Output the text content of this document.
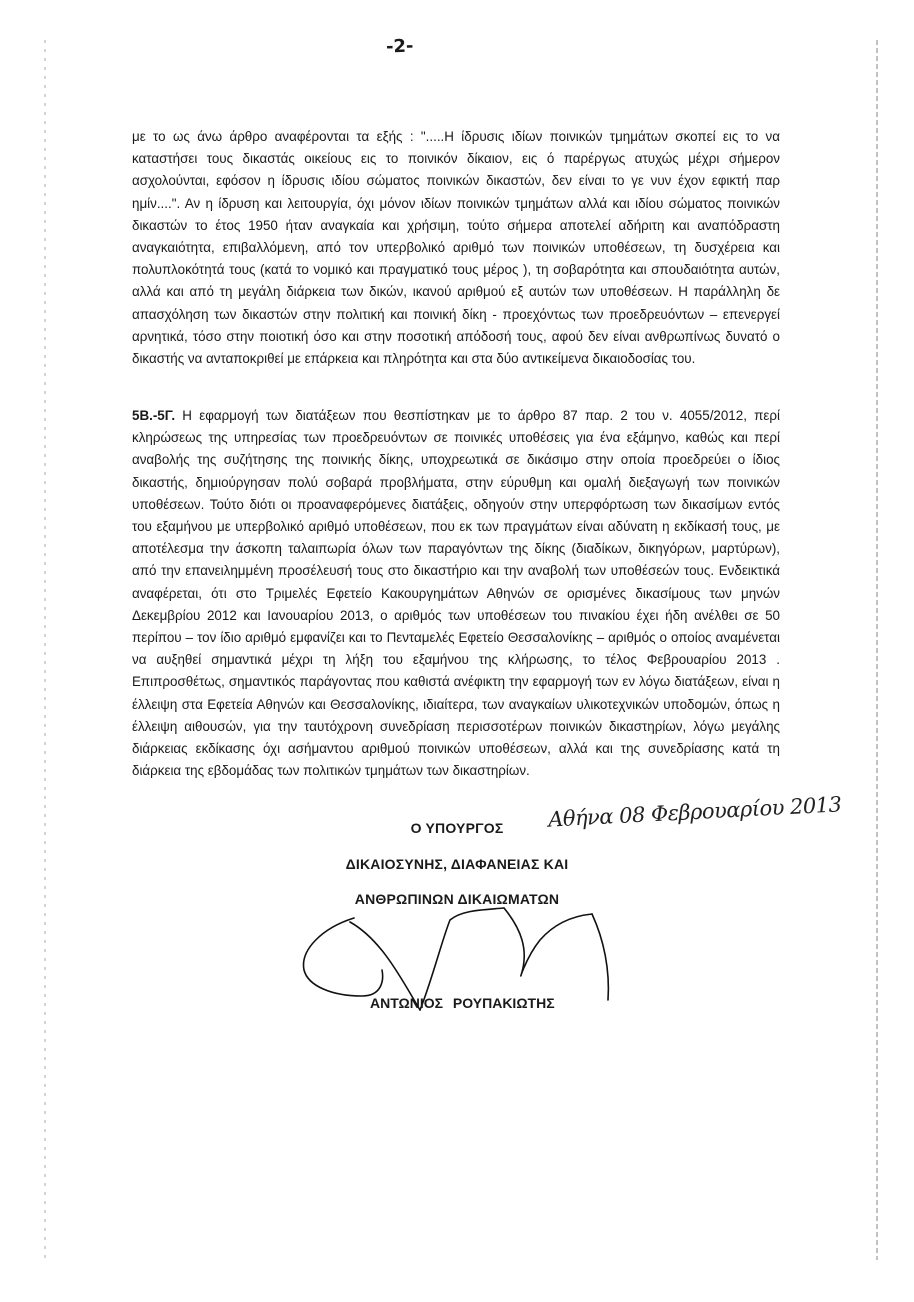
-2-

με το ως άνω άρθρο αναφέρονται τα εξής : ".....Η ίδρυσις ιδίων ποινικών τμημάτων σκοπεί εις το να καταστήσει τους δικαστάς οικείους εις το ποινικόν δίκαιον, εις ό παρέργως ατυχώς μέχρι σήμερον ασχολούνται, εφόσον η ίδρυσις ιδίου σώματος ποινικών δικαστών, δεν είναι το γε νυν έχον εφικτή παρ ημίν....". Αν η ίδρυση και λειτουργία, όχι μόνον ιδίων ποινικών τμημάτων αλλά και ιδίου σώματος ποινικών δικαστών το έτος 1950 ήταν αναγκαία και χρήσιμη, τούτο σήμερα αποτελεί αδήριτη και αναπόδραστη αναγκαιότητα, επιβαλλόμενη, από τον υπερβολικό αριθμό των ποινικών υποθέσεων, τη δυσχέρεια και πολυπλοκότητά τους (κατά το νομικό και πραγματικό τους μέρος ), τη σοβαρότητα και σπουδαιότητα αυτών, αλλά και από τη μεγάλη διάρκεια των δικών, ικανού αριθμού εξ αυτών των υποθέσεων. Η παράλληλη δε απασχόληση των δικαστών στην πολιτική και ποινική δίκη - προεχόντως των προεδρευόντων – επενεργεί αρνητικά, τόσο στην ποιοτική όσο και στην ποσοτική απόδοσή τους, αφού δεν είναι ανθρωπίνως δυνατό ο δικαστής να ανταποκριθεί με επάρκεια και πληρότητα και στα δύο αντικείμενα δικαιοδοσίας του.

5Β.-5Γ. Η εφαρμογή των διατάξεων που θεσπίστηκαν με το άρθρο 87 παρ. 2 του ν. 4055/2012, περί κληρώσεως της υπηρεσίας των προεδρευόντων σε ποινικές υποθέσεις για ένα εξάμηνο, καθώς και περί αναβολής της συζήτησης της ποινικής δίκης, υποχρεωτικά σε δικάσιμο στην οποία προεδρεύει ο ίδιος δικαστής, δημιούργησαν πολύ σοβαρά προβλήματα, στην εύρυθμη και ομαλή διεξαγωγή των ποινικών υποθέσεων. Τούτο διότι οι προαναφερόμενες διατάξεις, οδηγούν στην υπερφόρτωση των δικασίμων εντός του εξαμήνου με υπερβολικό αριθμό υποθέσεων, που εκ των πραγμάτων είναι αδύνατη η εκδίκασή τους, με αποτέλεσμα την άσκοπη ταλαιπωρία όλων των παραγόντων της δίκης (διαδίκων, δικηγόρων, μαρτύρων), από την επανειλημμένη προσέλευσή τους στο δικαστήριο και την αναβολή των υποθέσεών τους. Ενδεικτικά αναφέρεται, ότι στο Τριμελές Εφετείο Κακουργημάτων Αθηνών σε ορισμένες δικασίμους των μηνών Δεκεμβρίου 2012 και Ιανουαρίου 2013, ο αριθμός των υποθέσεων του πινακίου έχει ήδη ανέλθει σε 50 περίπου – τον ίδιο αριθμό εμφανίζει και το Πενταμελές Εφετείο Θεσσαλονίκης – αριθμός ο οποίος αναμένεται να αυξηθεί σημαντικά μέχρι τη λήξη του εξαμήνου της κλήρωσης, το τέλος Φεβρουαρίου 2013 . Επιπροσθέτως, σημαντικός παράγοντας που καθιστά ανέφικτη την εφαρμογή των εν λόγω διατάξεων, είναι η έλλειψη στα Εφετεία Αθηνών και Θεσσαλονίκης, ιδιαίτερα, των αναγκαίων υλικοτεχνικών υποδομών, όπως η έλλειψη αιθουσών, για την ταυτόχρονη συνεδρίαση περισσοτέρων ποινικών δικαστηρίων, λόγω μεγάλης διάρκειας εκδίκασης όχι ασήμαντου αριθμού ποινικών υποθέσεων, αλλά και της συνεδρίασης κατά τη διάρκεια της εβδομάδας των πολιτικών τμημάτων των δικαστηρίων.

Αθήνα 08 Φεβρουαρίου 2013
Ο ΥΠΟΥΡΓΟΣ
ΔΙΚΑΙΟΣΥΝΗΣ, ΔΙΑΦΑΝΕΙΑΣ ΚΑΙ
ΑΝΘΡΩΠΙΝΩΝ ΔΙΚΑΙΩΜΑΤΩΝ
ΑΝΤΩΝΙΟΣ ΡΟΥΠΑΚΙΩΤΗΣ
